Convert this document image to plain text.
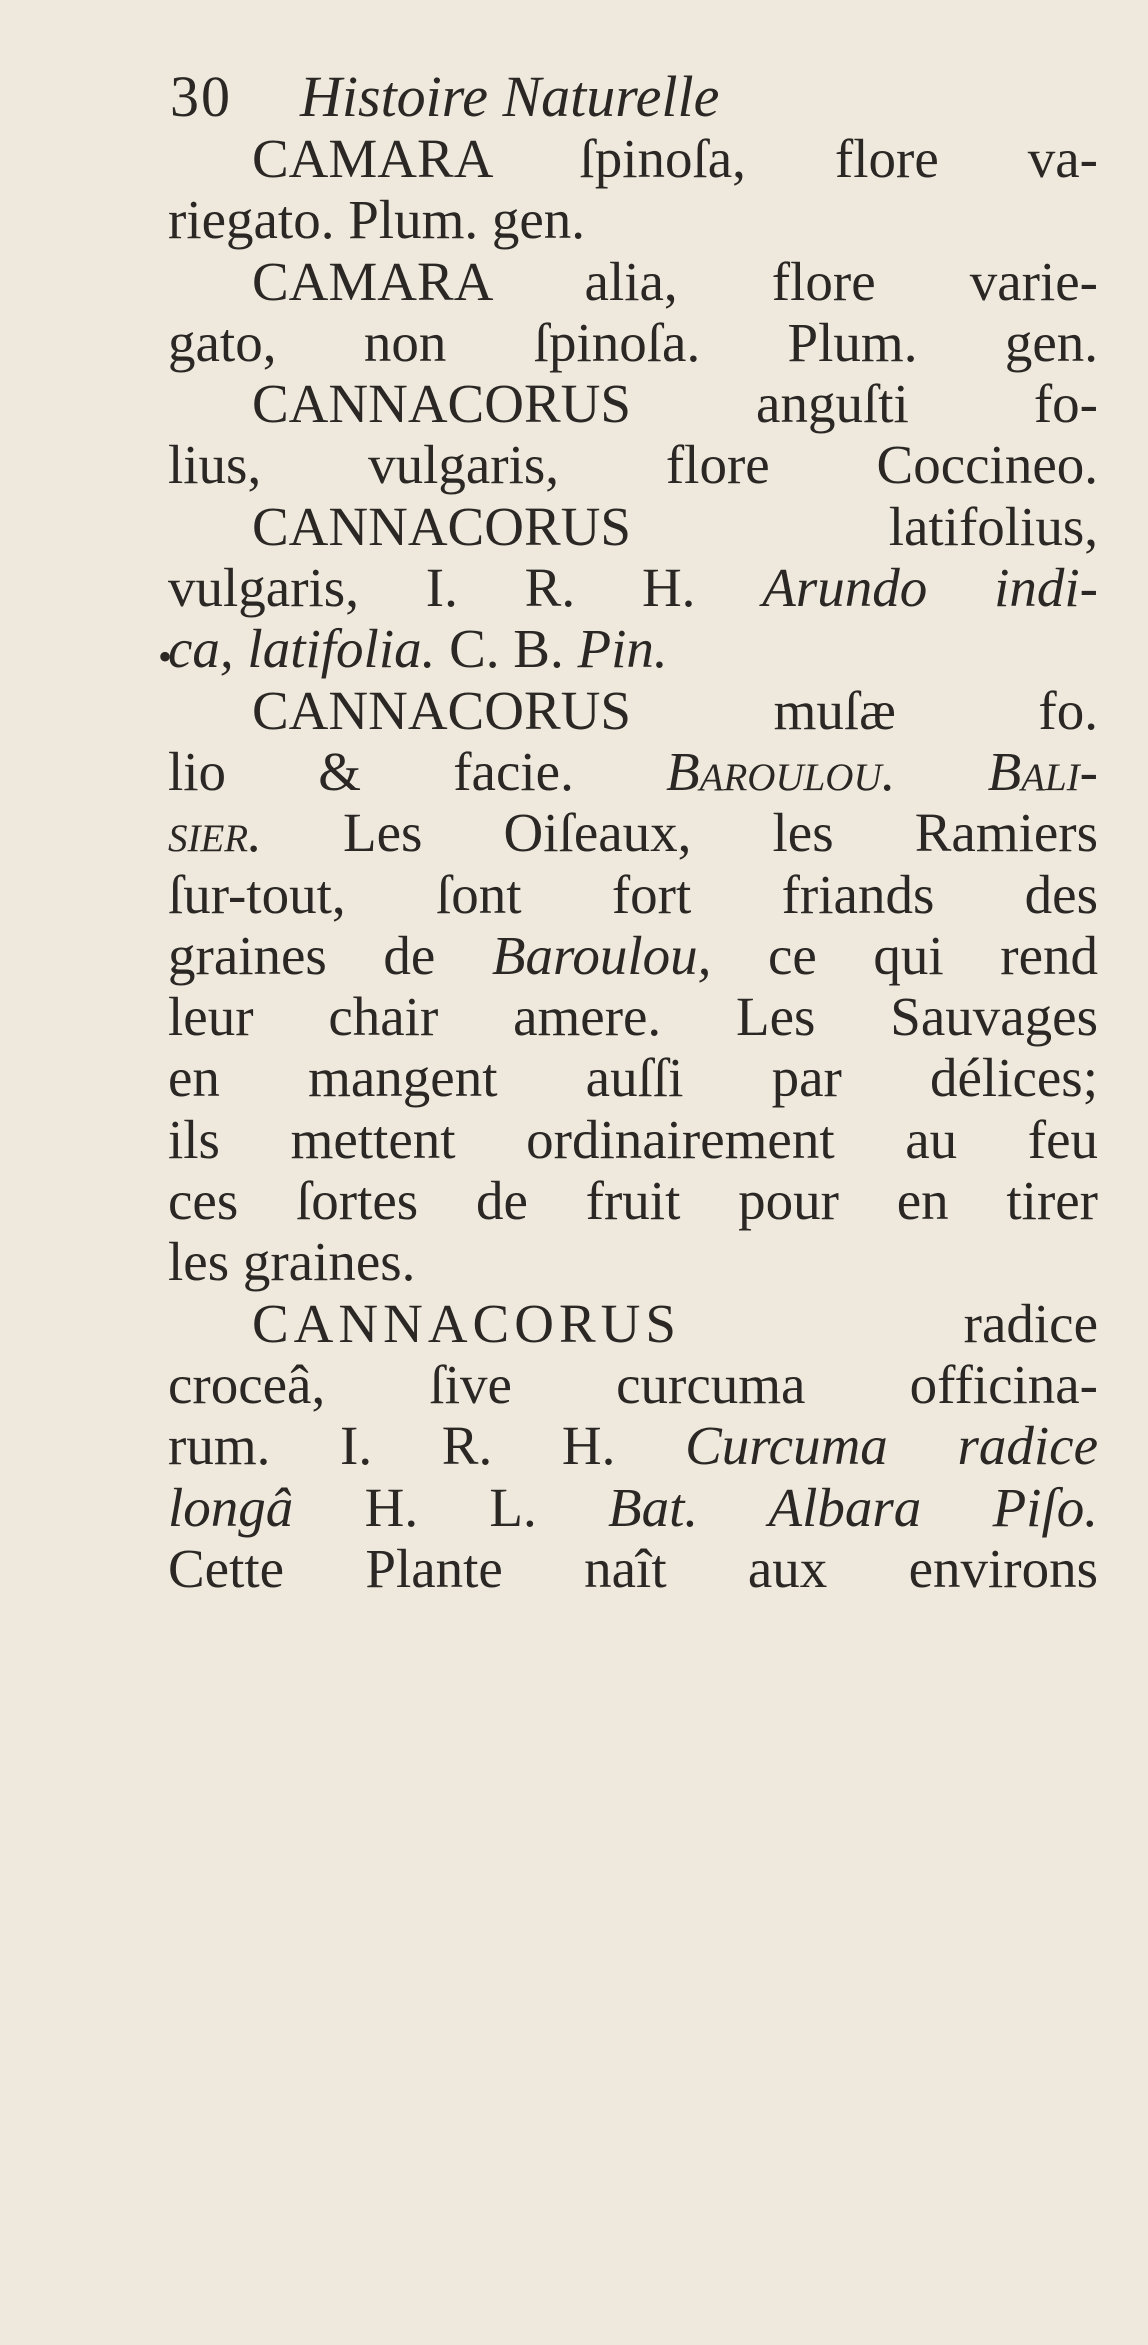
30 Histoire Naturelle
•
CAMARA ſpinoſa, flore va-
riegato. Plum. gen.
CAMARA alia, flore varie-
gato, non ſpinoſa. Plum. gen.
CANNACORUS anguſti fo-
lius, vulgaris, flore Coccineo.
CANNACORUS latifolius,
vulgaris, I. R. H. Arundo indi-
ca, latifolia. C. B. Pin.
CANNACORUS muſæ fo.
lio & facie. Baroulou. Bali-
sier. Les Oiſeaux, les Ramiers
ſur-tout, ſont fort friands des
graines de Baroulou, ce qui rend
leur chair amere. Les Sauvages
en mangent auſſi par délices;
ils mettent ordinairement au feu
ces ſortes de fruit pour en tirer
les graines.
CANNACORUS	radice
croceâ, ſive curcuma officina-
rum. I. R. H. Curcuma radice
longâ H. L. Bat. Albara Piſo.
Cette Plante naît aux environs
